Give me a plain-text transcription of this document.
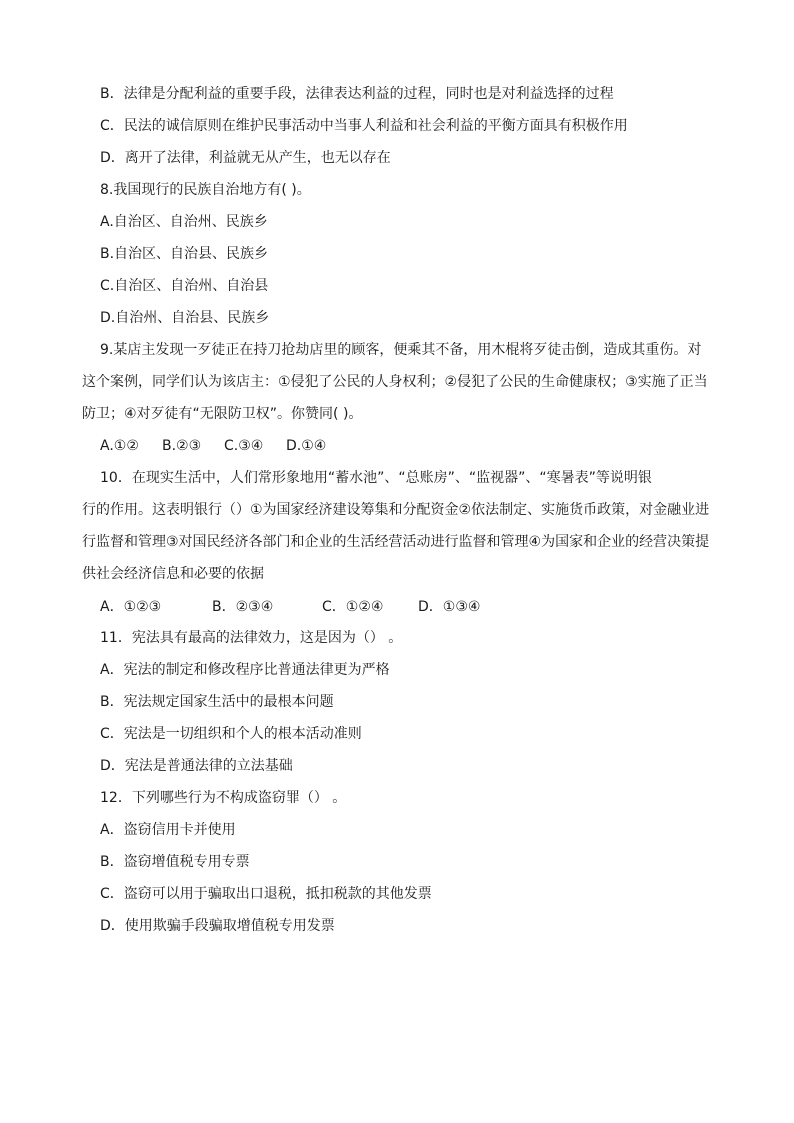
B．法律是分配利益的重要手段，法律表达利益的过程，同时也是对利益选择的过程

C．民法的诚信原则在维护民事活动中当事人利益和社会利益的平衡方面具有积极作用

D．离开了法律，利益就无从产生，也无以存在

8.我国现行的民族自治地方有( )。

A.自治区、自治州、民族乡

B.自治区、自治县、民族乡

C.自治区、自治州、自治县

D.自治州、自治县、民族乡

9.某店主发现一歹徒正在持刀抢劫店里的顾客，便乘其不备，用木棍将歹徒击倒，造成其重伤。对

这个案例，同学们认为该店主：①侵犯了公民的人身权利；②侵犯了公民的生命健康权；③实施了正当

防卫；④对歹徒有“无限防卫权”。你赞同( )。

A.①②	B.②③	C.③④	D.①④

10．在现实生活中，人们常形象地用“蓄水池”、“总账房”、“监视器”、“寒暑表”等说明银

行的作用。这表明银行（）①为国家经济建设筹集和分配资金②依法制定、实施货币政策，对金融业进

行监督和管理③对国民经济各部门和企业的生活经营活动进行监督和管理④为国家和企业的经营决策提

供社会经济信息和必要的依据

A．①②③	B．②③④	C．①②④	D．①③④

11．宪法具有最高的法律效力，这是因为（） 。

A．宪法的制定和修改程序比普通法律更为严格

B．宪法规定国家生活中的最根本问题

C．宪法是一切组织和个人的根本活动准则

D．宪法是普通法律的立法基础

12．下列哪些行为不构成盗窃罪（） 。

A．盗窃信用卡并使用

B．盗窃增值税专用专票

C．盗窃可以用于骗取出口退税，抵扣税款的其他发票

D．使用欺骗手段骗取增值税专用发票
